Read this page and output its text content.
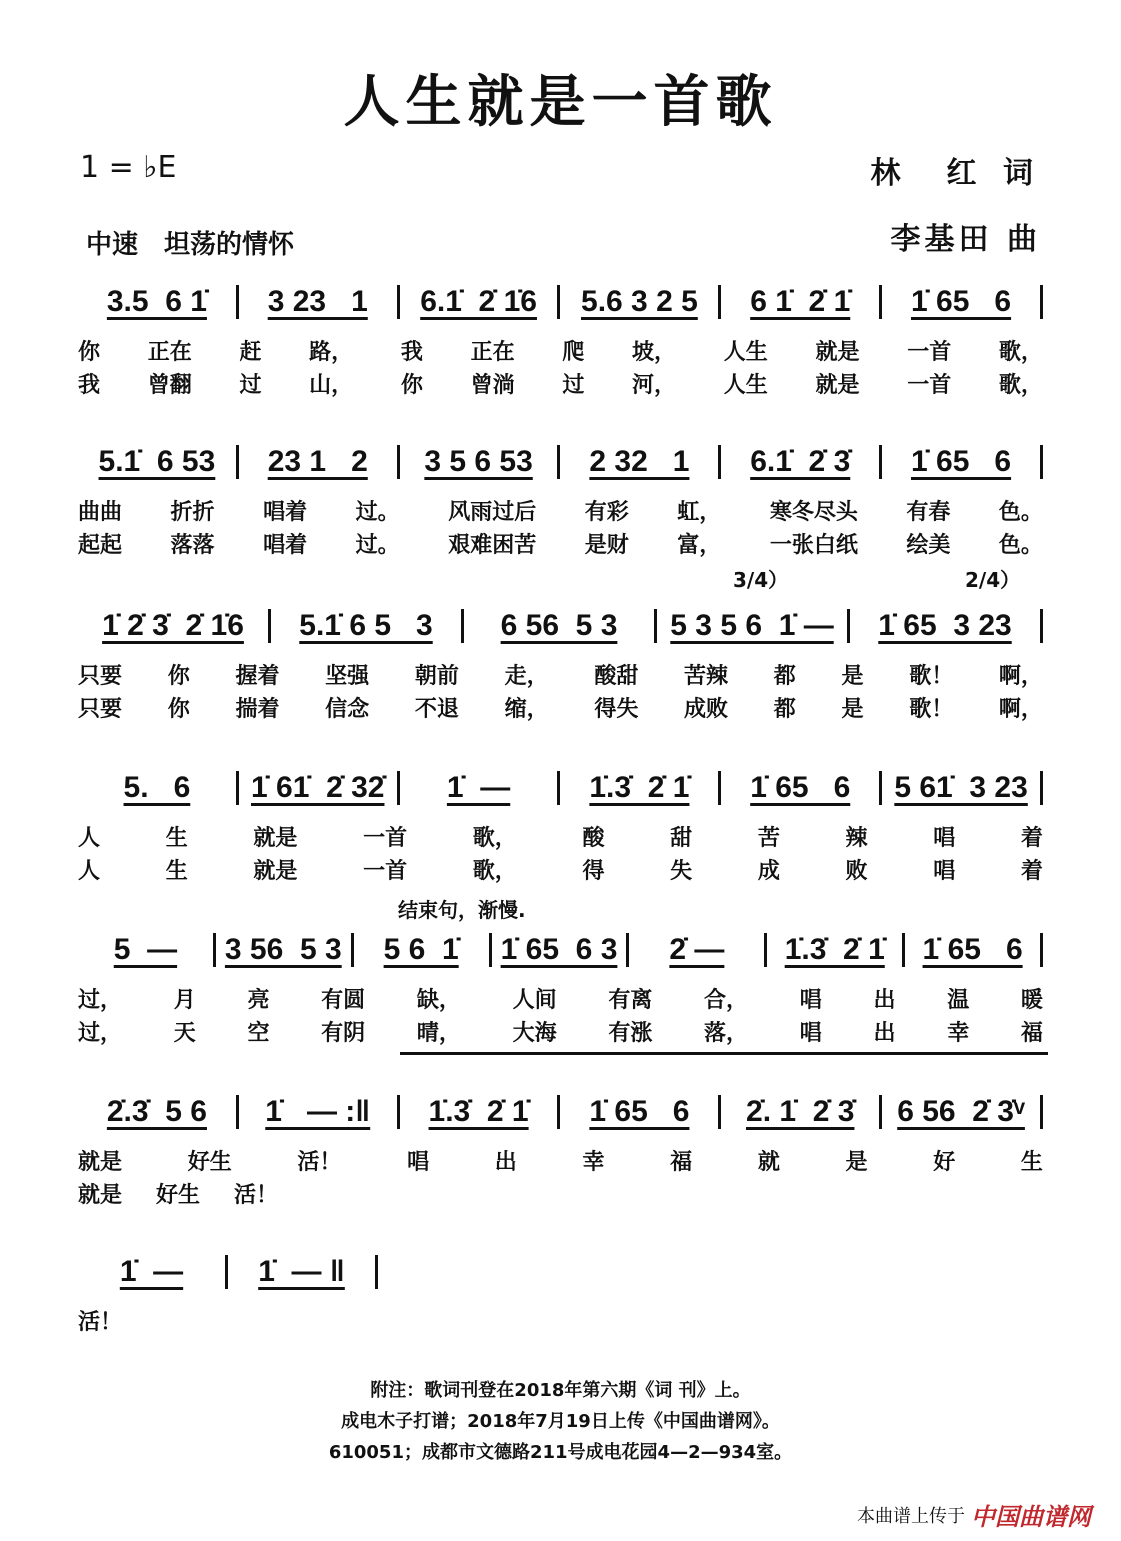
人生就是一首歌
1 = ♭E	林　红 词
李基田 曲
中速　坦荡的情怀
3.5  6 1̇	3 23   1	6.1̇  2̇ 1̇6	5.6 3 2 5	6 1̇  2̇ 1̇	1̇ 65   6
你 正在 赶 路， 我 正在 爬 坡， 人生 就是 一首 歌，
我 曾翻 过 山， 你 曾淌 过 河， 人生 就是 一首 歌，
5.1̇  6 53	23 1   2	3 5 6 53	2 32   1	6.1̇  2̇ 3̇	1̇ 65   6
曲曲 折折 唱着 过。 风雨过后 有彩 虹， 寒冬尽头 有春 色。
起起 落落 唱着 过。 艰难困苦 是财 富， 一张白纸 绘美 色。
1̇ 2̇ 3̇  2̇ 1̇6	5.1̇ 6 5   3	6 56  5 3	5 3 5 6  1̇ —	1̇ 65  3 23
3/4）	2/4）
只要 你 握着 坚强 朝前 走， 酸甜 苦辣 都 是 歌！ 啊，
只要 你 揣着 信念 不退 缩， 得失 成败 都 是 歌！ 啊，
5.   6	1̇ 61̇  2̇ 32̇	1̇  —	1̇.3̇  2̇ 1̇	1̇ 65   6	5 61̇  3 23
人	生	就是	一首	歌，	酸	甜	苦	辣	唱	着
人	生	就是	一首	歌，	得	失	成	败	唱	着
5  —	3 56  5 3	5 6  1̇	1̇ 65  6 3	2̇ —	1̇.3̇  2̇ 1̇	1̇ 65   6
结束句，渐慢.
过， 月 亮 有圆 缺， 人间 有离 合， 唱 出 温 暖
过， 天 空 有阴 晴， 大海 有涨 落， 唱 出 幸 福
2̇.3̇  5 6	1̇   — :‖	1̇.3̇  2̇ 1̇	1̇ 65   6	2̇. 1̇  2̇ 3̇	6 56  2̇ 3̇ᵛ
就是	好生	活！	唱	出	幸	福	就	是	好	生
就是 好生 活！
1̇  —	1̇  — ‖
活！
附注：歌词刊登在2018年第六期《词 刊》上。
成电木子打谱；2018年7月19日上传《中国曲谱网》。
610051；成都市文德路211号成电花园4—2—934室。
本曲谱上传于 中国曲谱网
